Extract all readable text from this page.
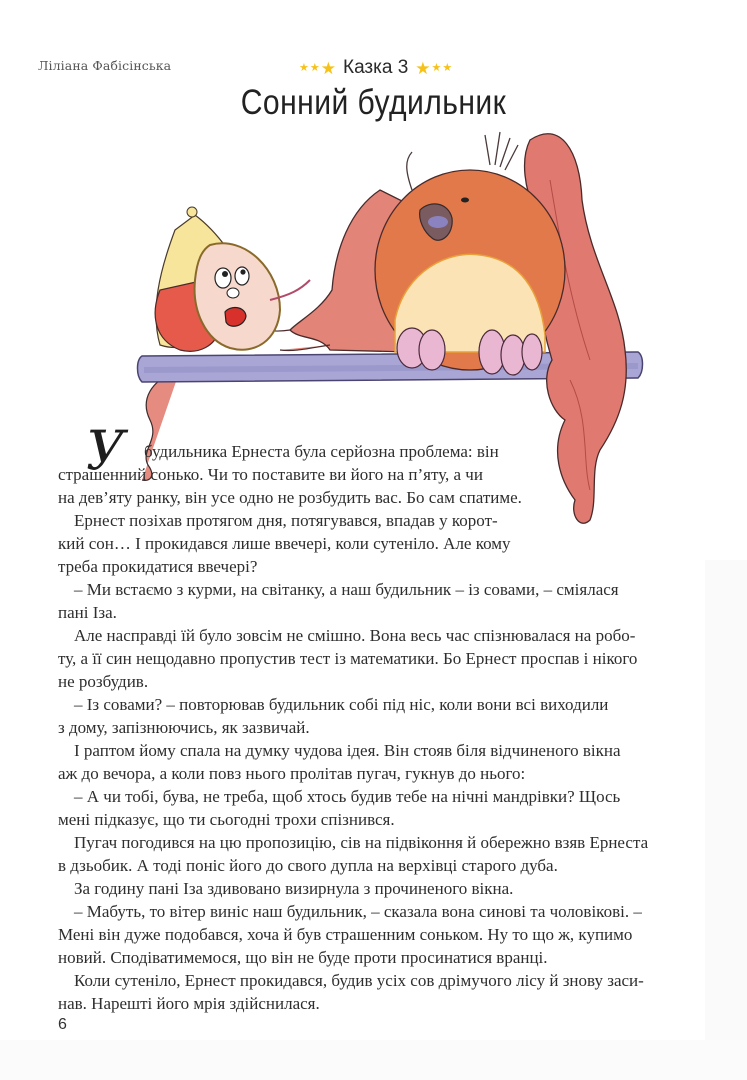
Ліліана Фабісінська	★ ★ ★ Казка 3 ★ ★ ★
Сонний будильник
У	будильника Ернеста була серйозна проблема: він
страшенний сонько. Чи то поставите ви його на п’яту, а чи
на дев’яту ранку, він усе одно не розбудить вас. Бо сам спатиме.
Ернест позіхав протягом дня, потягувався, впадав у корот-
кий сон… І прокидався лише ввечері, коли сутеніло. Але кому
треба прокидатися ввечері?
– Ми встаємо з курми, на світанку, а наш будильник – із совами, – сміялася
пані Іза.
Але насправді їй було зовсім не смішно. Вона весь час спізнювалася на робо-
ту, а її син нещодавно пропустив тест із математики. Бо Ернест проспав і нікого
не розбудив.
– Із совами? – повторював будильник собі під ніс, коли вони всі виходили
з дому, запізнюючись, як зазвичай.
І раптом йому спала на думку чудова ідея. Він стояв біля відчиненого вікна
аж до вечора, а коли повз нього пролітав пугач, гукнув до нього:
– А чи тобі, бува, не треба, щоб хтось будив тебе на нічні мандрівки? Щось
мені підказує, що ти сьогодні трохи спізнився.
Пугач погодився на цю пропозицію, сів на підвіконня й обережно взяв Ернеста
в дзьобик. А тоді поніс його до свого дупла на верхівці старого дуба.
За годину пані Іза здивовано визирнула з прочиненого вікна.
– Мабуть, то вітер виніс наш будильник, – сказала вона синові та чоловікові. –
Мені він дуже подобався, хоча й був страшенним соньком. Ну то що ж, купимо
новий. Сподіватимемося, що він не буде проти просинатися вранці.
Коли сутеніло, Ернест прокидався, будив усіх сов дрімучого лісу й знову заси-
нав. Нарешті його мрія здійснилася.
6
